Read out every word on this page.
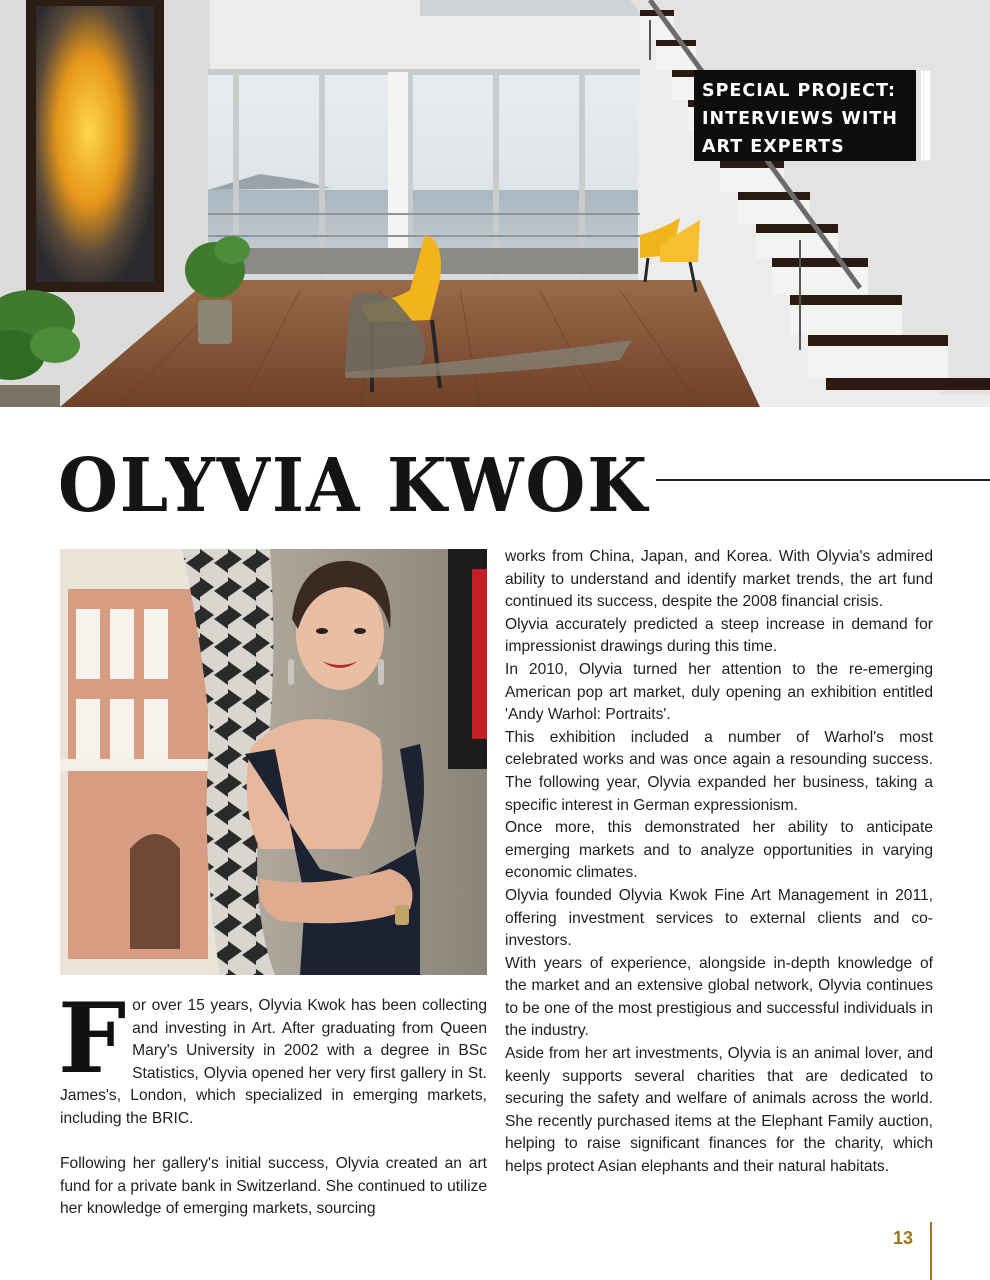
SPECIAL PROJECT:
INTERVIEWS WITH
ART EXPERTS
OLYVIA KWOK

For over 15 years, Olyvia Kwok has been collecting and investing in Art. After graduating from Queen Mary's University in 2002 with a degree in BSc Statistics, Olyvia opened her very first gallery in St. James's, London, which specialized in emerging markets, including the BRIC.

Following her gallery's initial success, Olyvia created an art fund for a private bank in Switzerland. She continued to utilize her knowledge of emerging markets, sourcing

works from China, Japan, and Korea. With Olyvia's admired ability to understand and identify market trends, the art fund continued its success, despite the 2008 financial crisis.

Olyvia accurately predicted a steep increase in demand for impressionist drawings during this time.

In 2010, Olyvia turned her attention to the re-emerging American pop art market, duly opening an exhibition entitled 'Andy Warhol: Portraits'.

This exhibition included a number of Warhol's most celebrated works and was once again a resounding success. The following year, Olyvia expanded her business, taking a specific interest in German expressionism.

Once more, this demonstrated her ability to anticipate emerging markets and to analyze opportunities in varying economic climates.

Olyvia founded Olyvia Kwok Fine Art Management in 2011, offering investment services to external clients and co-investors.

With years of experience, alongside in-depth knowledge of the market and an extensive global network, Olyvia continues to be one of the most prestigious and successful individuals in the industry.

Aside from her art investments, Olyvia is an animal lover, and keenly supports several charities that are dedicated to securing the safety and welfare of animals across the world. She recently purchased items at the Elephant Family auction, helping to raise significant finances for the charity, which helps protect Asian elephants and their natural habitats.

13
